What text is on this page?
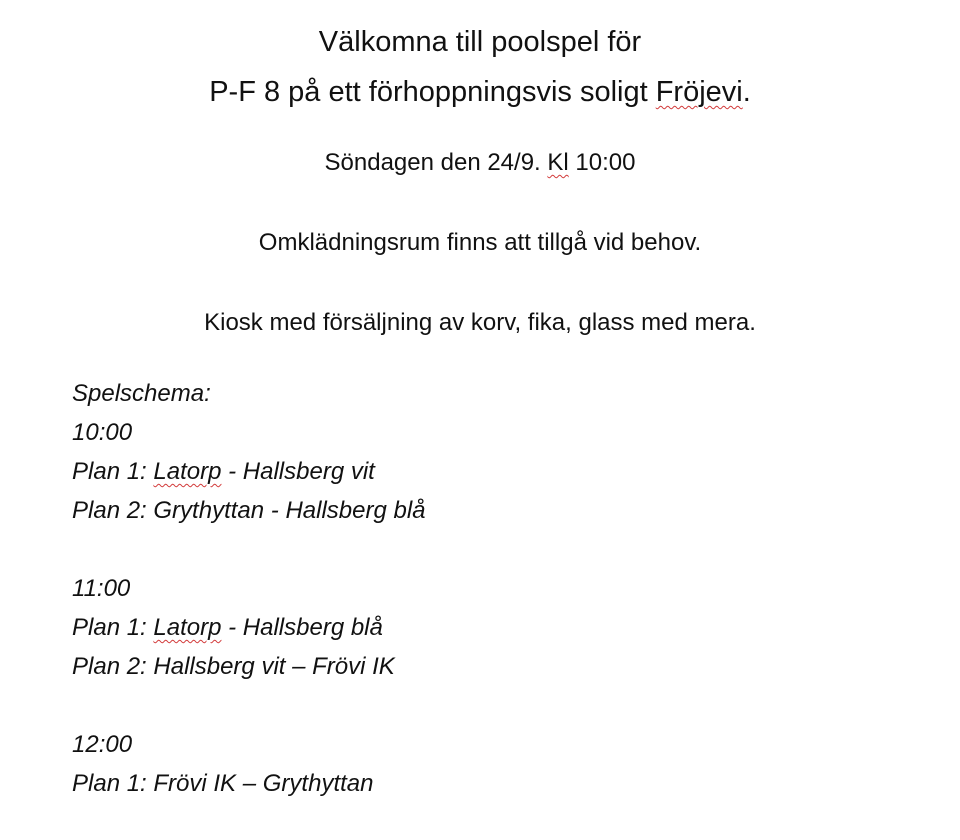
Välkomna till poolspel för
P-F 8 på ett förhoppningsvis soligt Fröjevi.
Söndagen den 24/9. Kl 10:00
Omklädningsrum finns att tillgå vid behov.
Kiosk med försäljning av korv, fika, glass med mera.
Spelschema:
10:00
Plan 1: Latorp - Hallsberg vit
Plan 2: Grythyttan - Hallsberg blå
11:00
Plan 1: Latorp - Hallsberg blå
Plan 2: Hallsberg vit – Frövi IK
12:00
Plan 1: Frövi IK – Grythyttan
